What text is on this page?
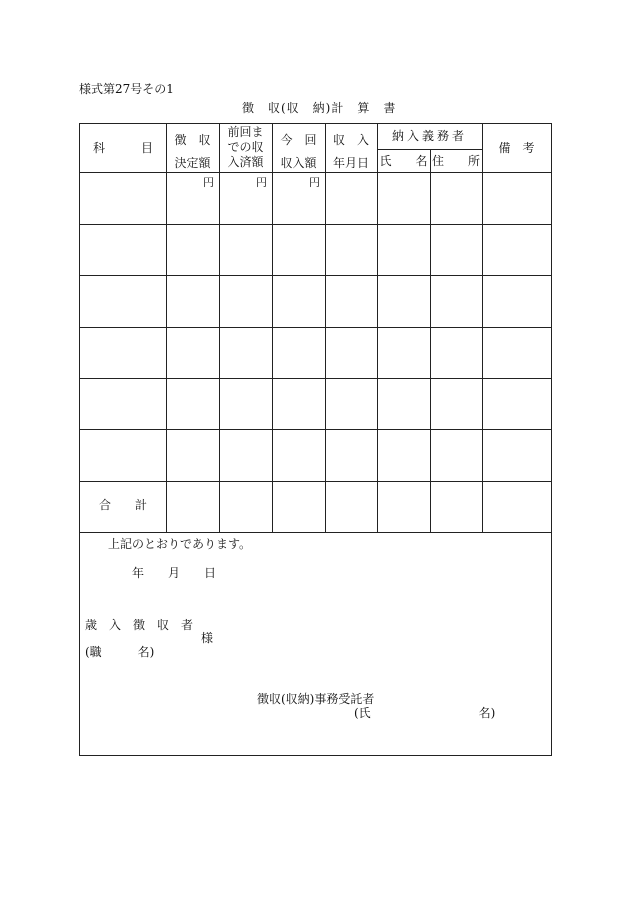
様式第27号その1
徴　収(収　納)計　算　書
科　　　目
徴　収
決定額
前回ま
での収
入済額
今　回
収入額
収　入
年月日
納入義務者
氏　　名 住　　所
備　考
円	円	円
合　　計
上記のとおりであります。
年　　月　　日
歳　入　徴　収　者
様
(職　　　名)
徴収(収納)事務受託者
(氏　　　　　　　　　名)
